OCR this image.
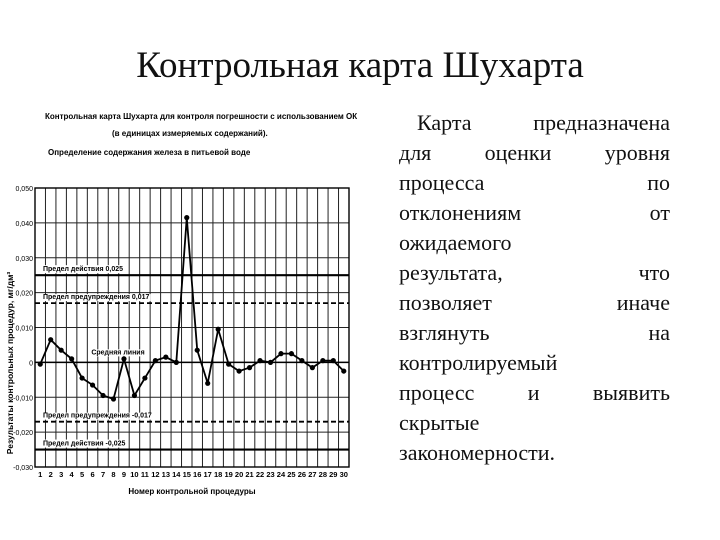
Контрольная карта Шухарта
Контрольная карта Шухарта для контроля погрешности с использованием ОК
(в единицах измеряемых содержаний).
Определение содержания железа в питьевой воде
Результаты контрольных процедур, мг/дм³
Номер контрольной процедуры
0,050
0,040
0,030
0,020
0,010
0
-0,010
-0,020
-0,030
1 2 3 4 5 6 7 8 9 10 11 12 13 14 15 16 17 18 19 20 21 22 23 24 25 26 27 28 29 30
Предел действия 0,025
Предел предупреждения 0,017
Средняя линия
Предел предупреждения -0,017
Предел действия -0,025
Карта	предназначена
для оценки уровня
процесса	по
отклонениям	от
ожидаемого
результата,	что
позволяет	иначе
взглянуть	на
контролируемый
процесс и выявить
скрытые
закономерности.
